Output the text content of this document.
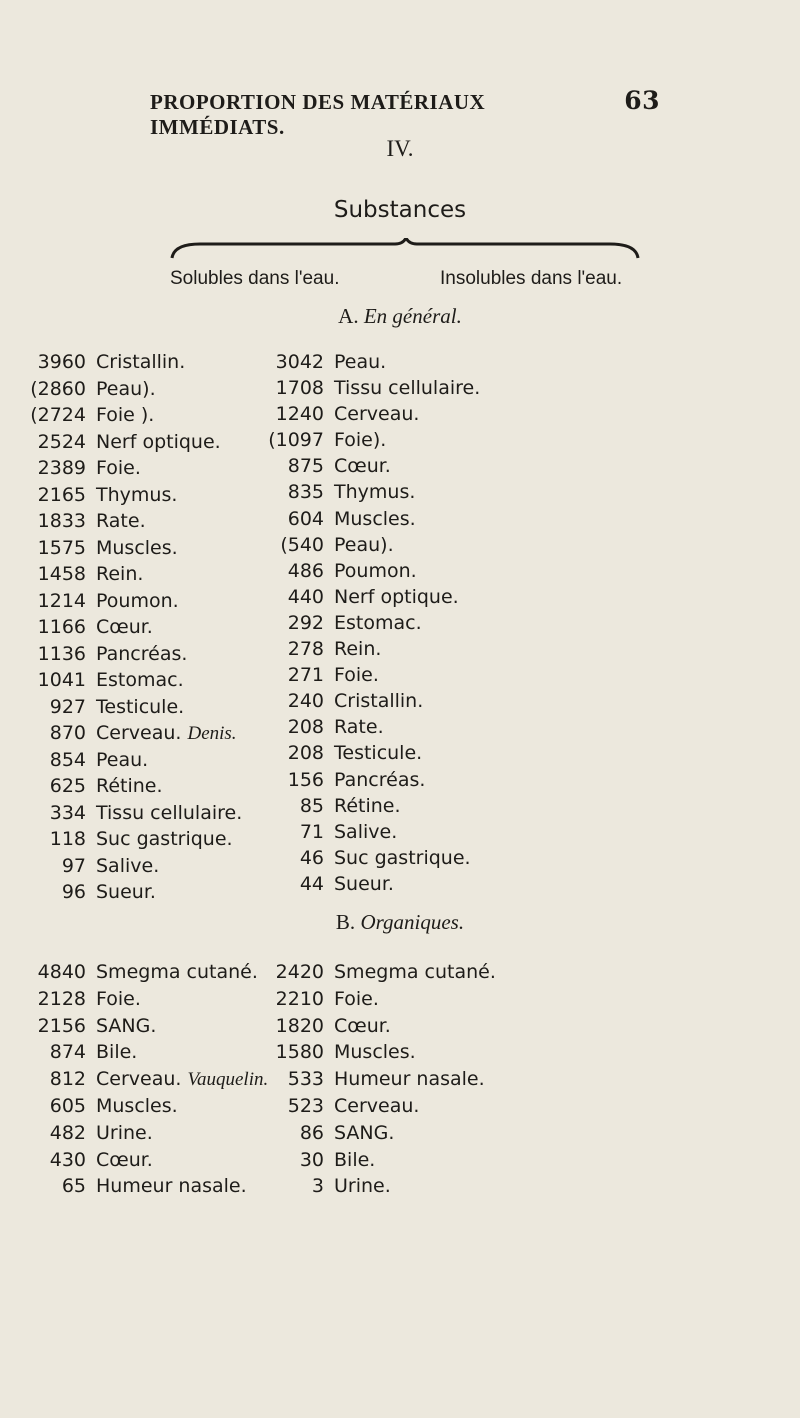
PROPORTION DES MATÉRIAUX IMMÉDIATS.
63
IV.
Substances
Solubles dans l'eau.	Insolubles dans l'eau.
A. En général.
3960 Cristallin.
(2860 Peau).
(2724 Foie ).
2524 Nerf optique.
2389 Foie.
2165 Thymus.
1833 Rate.
1575 Muscles.
1458 Rein.
1214 Poumon.
1166 Cœur.
1136 Pancréas.
1041 Estomac.
927 Testicule.
870 Cerveau. Denis.
854 Peau.
625 Rétine.
334 Tissu cellulaire.
118 Suc gastrique.
97 Salive.
96 Sueur.
3042 Peau.
1708 Tissu cellulaire.
1240 Cerveau.
(1097 Foie).
875 Cœur.
835 Thymus.
604 Muscles.
(540 Peau).
486 Poumon.
440 Nerf optique.
292 Estomac.
278 Rein.
271 Foie.
240 Cristallin.
208 Rate.
208 Testicule.
156 Pancréas.
85 Rétine.
71 Salive.
46 Suc gastrique.
44 Sueur.
B. Organiques.
4840 Smegma cutané.
2128 Foie.
2156 SANG.
874 Bile.
812 Cerveau. Vauquelin.
605 Muscles.
482 Urine.
430 Cœur.
65 Humeur nasale.
2420 Smegma cutané.
2210 Foie.
1820 Cœur.
1580 Muscles.
533 Humeur nasale.
523 Cerveau.
86 SANG.
30 Bile.
3 Urine.
